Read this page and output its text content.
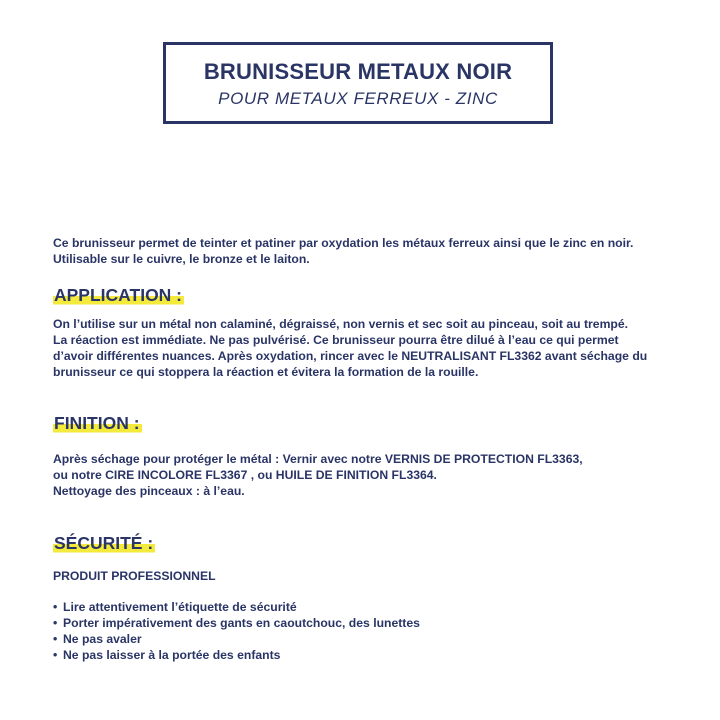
BRUNISSEUR METAUX NOIR
POUR METAUX FERREUX - ZINC
Ce brunisseur permet de teinter et patiner par oxydation les métaux ferreux ainsi que le zinc en noir.
Utilisable sur le cuivre, le bronze et le laiton.
APPLICATION :
On l’utilise sur un métal non calaminé, dégraissé, non vernis et sec soit au pinceau, soit au trempé.
La réaction est immédiate. Ne pas pulvérisé. Ce brunisseur pourra être dilué à l’eau ce qui permet
d’avoir différentes nuances. Après oxydation, rincer avec le NEUTRALISANT FL3362 avant séchage du
brunisseur ce qui stoppera la réaction et évitera la formation de la rouille.
FINITION :
Après séchage pour protéger le métal : Vernir avec notre VERNIS DE PROTECTION FL3363,
ou notre CIRE INCOLORE FL3367 , ou HUILE DE FINITION FL3364.
Nettoyage des pinceaux : à l’eau.
SÉCURITÉ :
PRODUIT PROFESSIONNEL
• Lire attentivement l’étiquette de sécurité
• Porter impérativement des gants en caoutchouc, des lunettes
• Ne pas avaler
• Ne pas laisser à la portée des enfants
